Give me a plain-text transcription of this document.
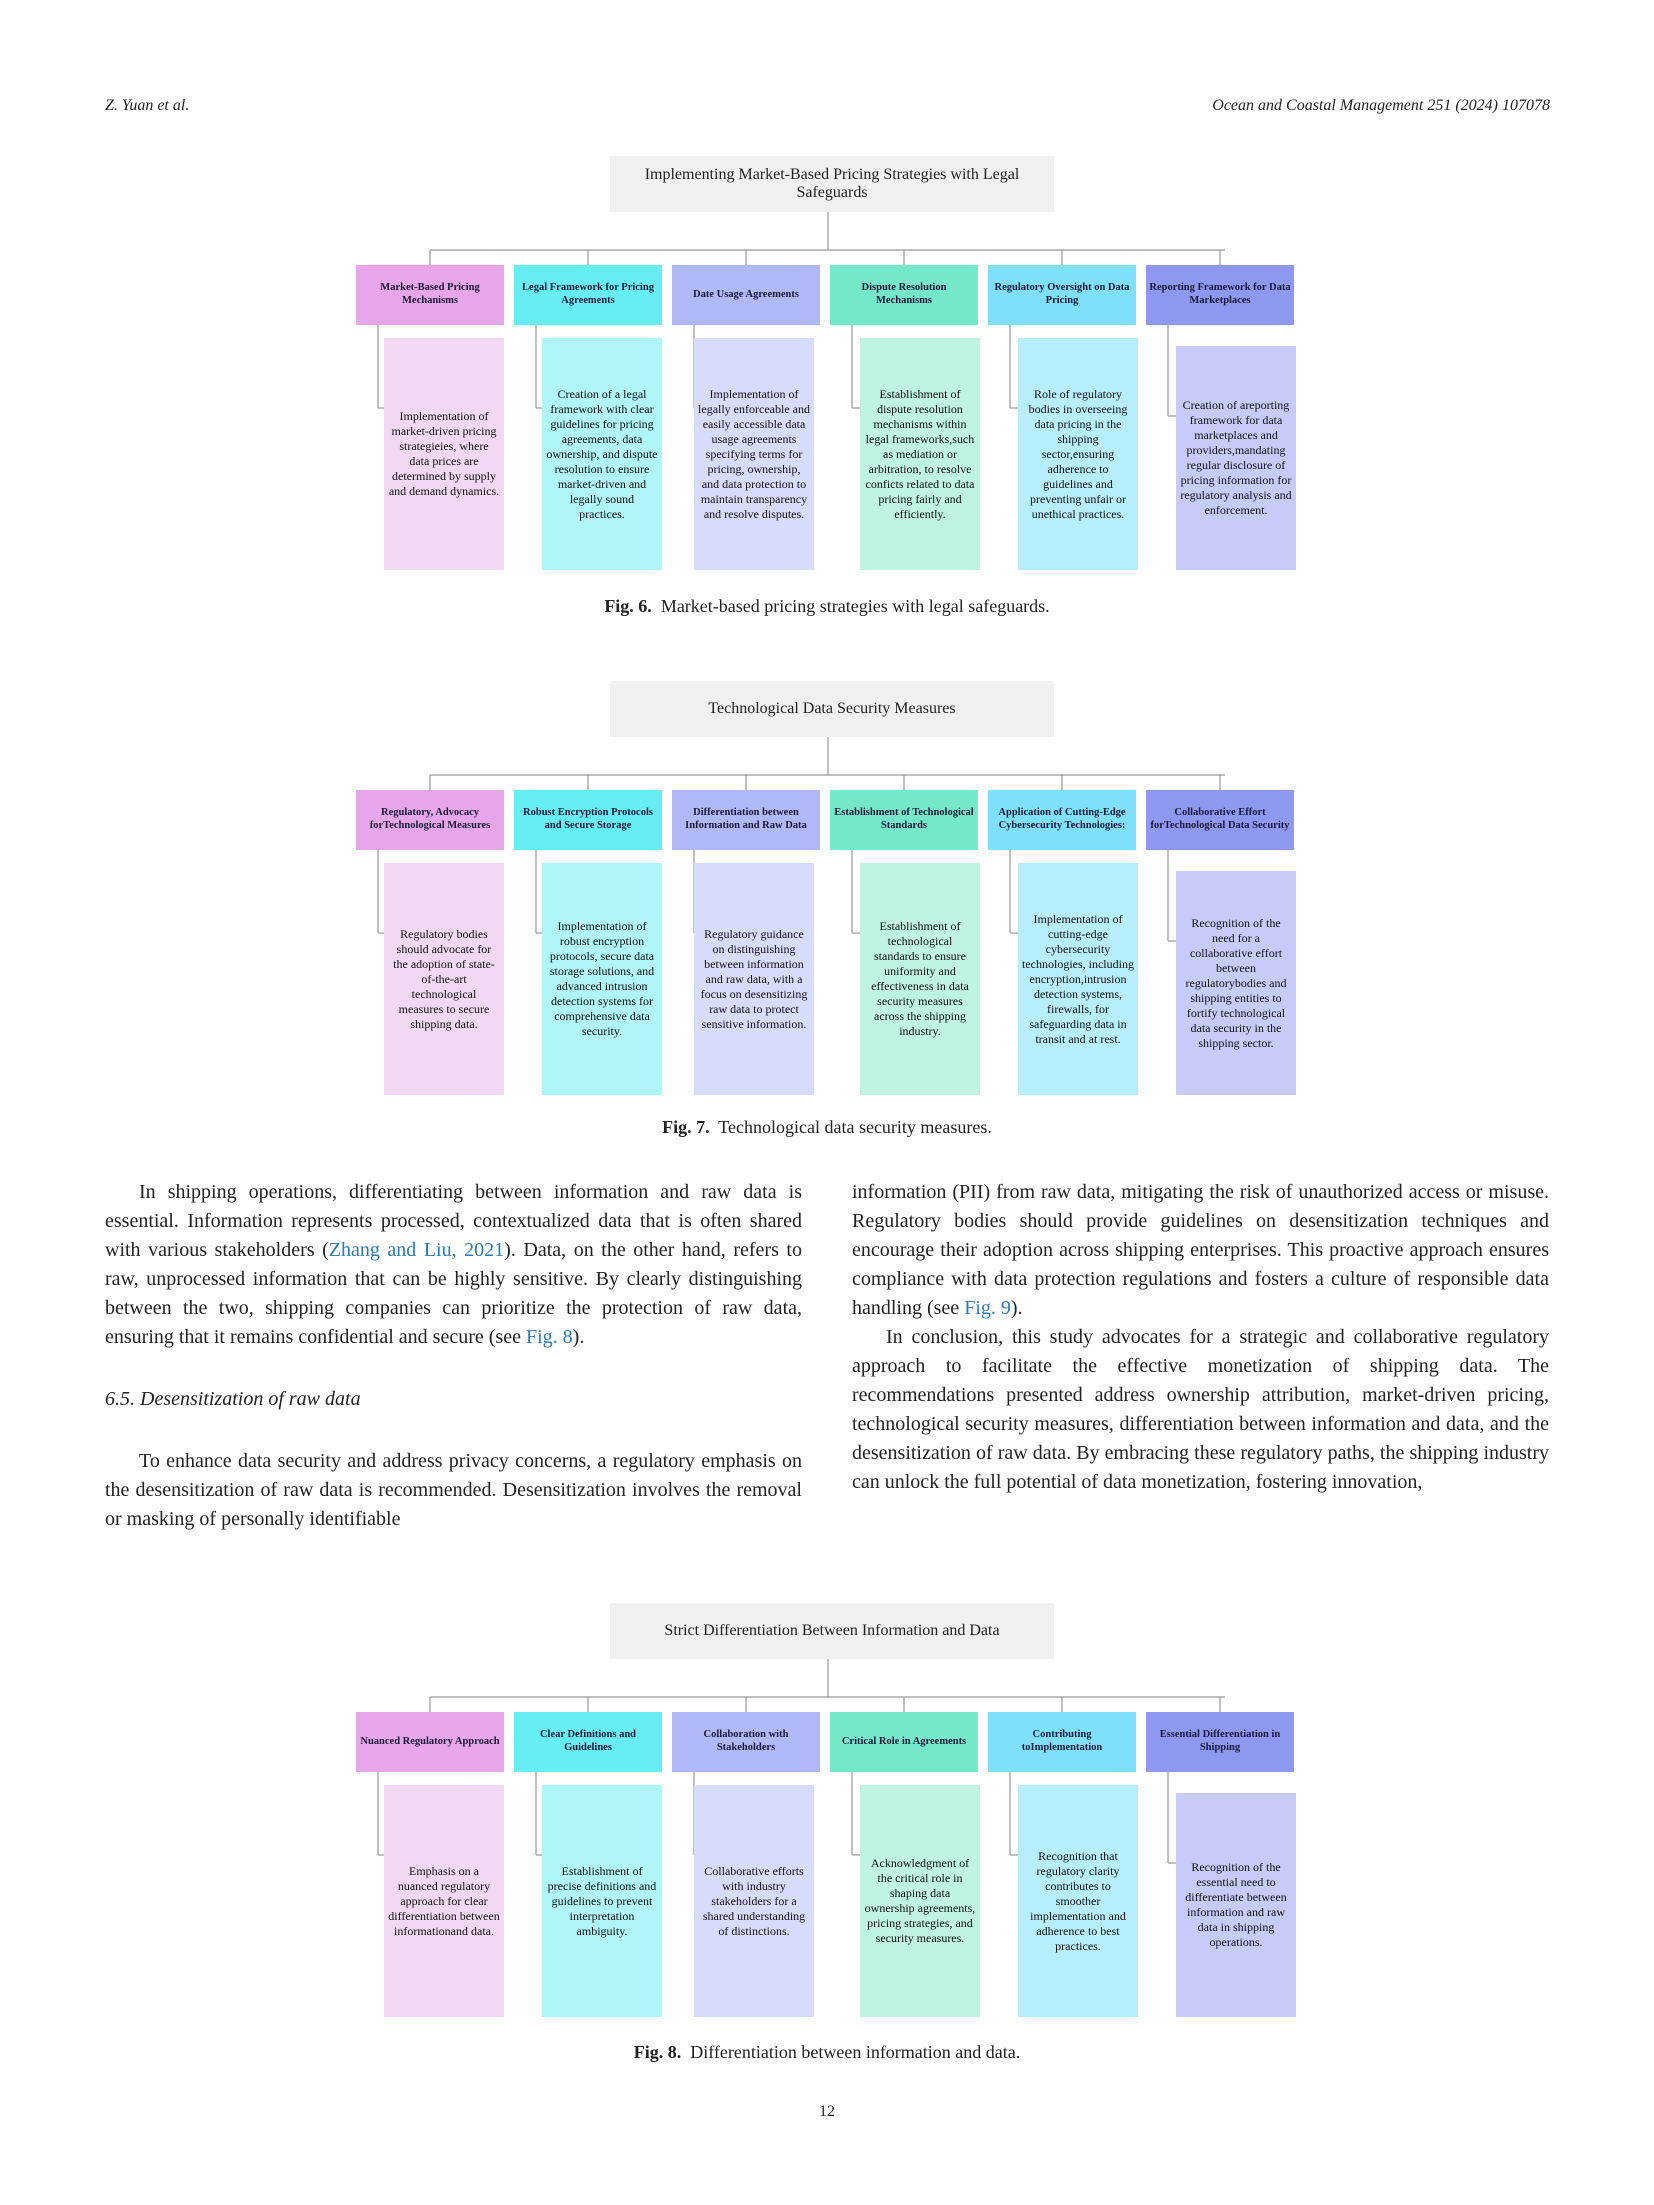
Z. Yuan et al.	Ocean and Coastal Management 251 (2024) 107078
Implementing Market-Based Pricing Strategies with Legal Safeguards
Market-Based Pricing Mechanisms
Implementation of market-driven pricing strategieies, where data prices are determined by supply and demand dynamics.
Legal Framework for Pricing Agreements
Creation of a legal framework with clear guidelines for pricing agreements, data ownership, and dispute resolution to ensure market-driven and legally sound practices.
Date Usage Agreements
Implementation of legally enforceable and easily accessible data usage agreements specifying terms for pricing, ownership, and data protection to maintain transparency and resolve disputes.
Dispute Resolution Mechanisms
Establishment of dispute resolution mechanisms within legal frameworks,such as mediation or arbitration, to resolve conficts related to data pricing fairly and efficiently.
Regulatory Oversight on Data Pricing
Role of regulatory bodies in overseeing data pricing in the shipping sector,ensuring adherence to guidelines and preventing unfair or unethical practices.
Reporting Framework for Data Marketplaces
Creation of areporting framework for data marketplaces and providers,mandating regular disclosure of pricing information for regulatory analysis and enforcement.
Fig. 6. Market-based pricing strategies with legal safeguards.
Technological Data Security Measures
Regulatory, Advocacy forTechnological Measures
Regulatory bodies should advocate for the adoption of state-of-the-art technological measures to secure shipping data.
Robust Encryption Protocols and Secure Storage
Implementation of robust encryption protocols, secure data storage solutions, and advanced intrusion detection systems for comprehensive data security.
Differentiation between Information and Raw Data
Regulatory guidance on distinguishing between information and raw data, with a focus on desensitizing raw data to protect sensitive information.
Establishment of Technological Standards
Establishment of technological standards to ensure uniformity and effectiveness in data security measures across the shipping industry.
Application of Cutting-Edge Cybersecurity Technologies:
Implementation of cutting-edge cybersecurity technologies, including encryption,intrusion detection systems, firewalls, for safeguarding data in transit and at rest.
Collaborative Effort forTechnological Data Security
Recognition of the need for a collaborative effort between regulatorybodies and shipping entities to fortify technological data security in the shipping sector.
Fig. 7. Technological data security measures.

In shipping operations, differentiating between information and raw data is essential. Information represents processed, contextualized data that is often shared with various stakeholders (Zhang and Liu, 2021). Data, on the other hand, refers to raw, unprocessed information that can be highly sensitive. By clearly distinguishing between the two, shipping companies can prioritize the protection of raw data, ensuring that it remains confidential and secure (see Fig. 8).

6.5. Desensitization of raw data

To enhance data security and address privacy concerns, a regulatory emphasis on the desensitization of raw data is recommended. Desensitization involves the removal or masking of personally identifiable

information (PII) from raw data, mitigating the risk of unauthorized access or misuse. Regulatory bodies should provide guidelines on desensitization techniques and encourage their adoption across shipping enterprises. This proactive approach ensures compliance with data protection regulations and fosters a culture of responsible data handling (see Fig. 9).

In conclusion, this study advocates for a strategic and collaborative regulatory approach to facilitate the effective monetization of shipping data. The recommendations presented address ownership attribution, market-driven pricing, technological security measures, differentiation between information and data, and the desensitization of raw data. By embracing these regulatory paths, the shipping industry can unlock the full potential of data monetization, fostering innovation,

Strict Differentiation Between Information and Data
Nuanced Regulatory Approach
Emphasis on a nuanced regulatory approach for clear differentiation between informationand data.
Clear Definitions and Guidelines
Establishment of precise definitions and guidelines to prevent interpretation ambiguity.
Collaboration with Stakeholders
Collaborative efforts with industry stakeholders for a shared understanding of distinctions.
Critical Role in Agreements
Acknowledgment of the critical role in shaping data ownership agreements, pricing strategies, and security measures.
Contributing toImplementation
Recognition that regulatory clarity contributes to smoother implementation and adherence to best practices.
Essential Differentiation in Shipping
Recognition of the essential need to differentiate between information and raw data in shipping operations.
Fig. 8. Differentiation between information and data.
12
